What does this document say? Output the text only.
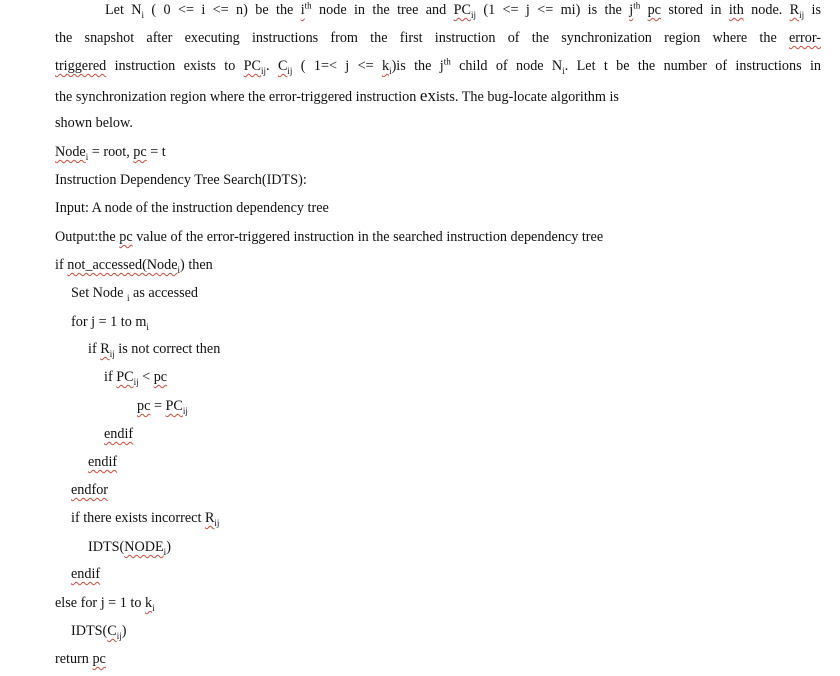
Let $N_i$ ( 0 <= i <= n) be the $i^{th}$ node in the tree and $PC_{ij}$ (1 <= j <= mi) is the $j^{th}$ pc stored in ith node. $R_{ij}$ is
the snapshot after executing instructions from the first instruction of the synchronization region where the error-
triggered instruction exists to $PC_{ij}$. $C_{ij}$ ( $1=< j <= k_i)is$ the $j^{th}$ child of node $N_i$. Let t be the number of instructions in
the synchronization region where the error-triggered instruction exists. The bug-locate algorithm is
shown below.
Node$_i$ = root, pc = t
Instruction Dependency Tree Search(IDTS):
Input: A node of the instruction dependency tree
Output:the pc value of the error-triggered instruction in the searched instruction dependency tree
if not_accessed(Node$_i$) then
Set Node $_i$ as accessed
for j = 1 to $m_i$
if $R_{ij}$ is not correct then
if $PC_{ij}$ < pc
pc = $PC_{ij}$
endif
endif
endfor
if there exists incorrect $R_{ij}$
$IDTS(NODE_i)$
endif
else for j = 1 to $k_i$
$IDTS(C_{ij})$
return pc
